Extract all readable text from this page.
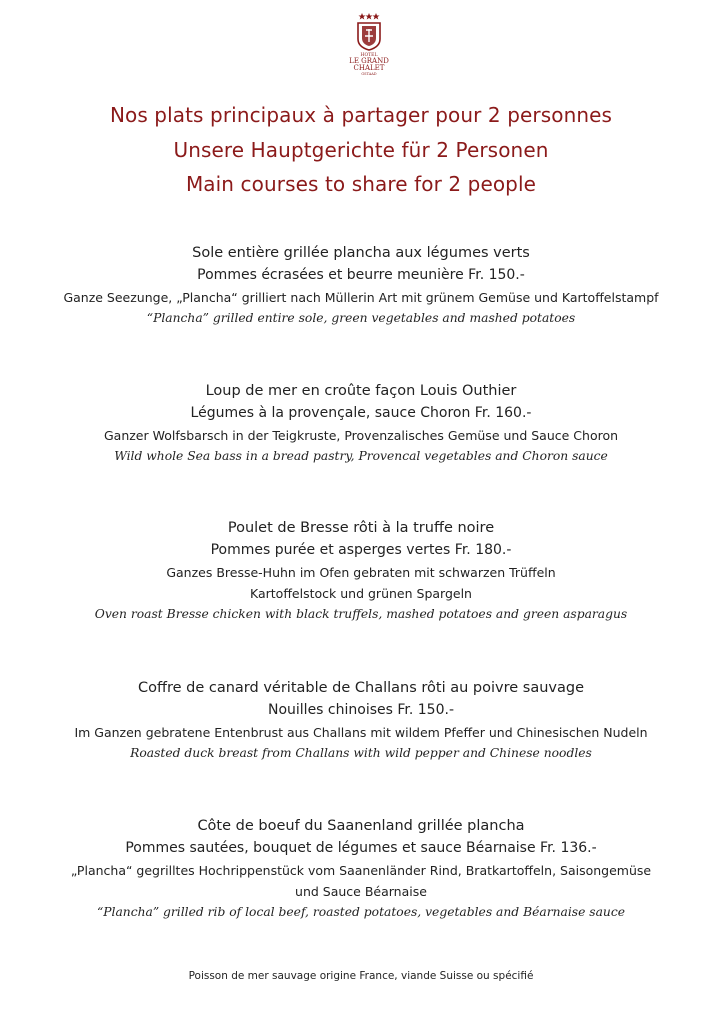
HOTEL
LE GRAND
CHALET
GSTAAD
Nos plats principaux à partager pour 2 personnes
Unsere Hauptgerichte für 2 Personen
Main courses to share for 2 people
Sole entière grillée plancha aux légumes verts
Pommes écrasées et beurre meunière Fr. 150.-
Ganze Seezunge, „Plancha“ grilliert nach Müllerin Art mit grünem Gemüse und Kartoffelstampf
“Plancha” grilled entire sole, green vegetables and mashed potatoes
Loup de mer en croûte façon Louis Outhier
Légumes à la provençale, sauce Choron Fr. 160.-
Ganzer Wolfsbarsch in der Teigkruste, Provenzalisches Gemüse und Sauce Choron
Wild whole Sea bass in a bread pastry, Provencal vegetables and Choron sauce
Poulet de Bresse rôti à la truffe noire
Pommes purée et asperges vertes Fr. 180.-
Ganzes Bresse-Huhn im Ofen gebraten mit schwarzen Trüffeln
Kartoffelstock und grünen Spargeln
Oven roast Bresse chicken with black truffels, mashed potatoes and green asparagus
Coffre de canard véritable de Challans rôti au poivre sauvage
Nouilles chinoises Fr. 150.-
Im Ganzen gebratene Entenbrust aus Challans mit wildem Pfeffer und Chinesischen Nudeln
Roasted duck breast from Challans with wild pepper and Chinese noodles
Côte de boeuf du Saanenland grillée plancha
Pommes sautées, bouquet de légumes et sauce Béarnaise Fr. 136.-
„Plancha“ gegrilltes Hochrippenstück vom Saanenländer Rind, Bratkartoffeln, Saisongemüse
und Sauce Béarnaise
“Plancha” grilled rib of local beef, roasted potatoes, vegetables and Béarnaise sauce
Poisson de mer sauvage origine France, viande Suisse ou spécifié
